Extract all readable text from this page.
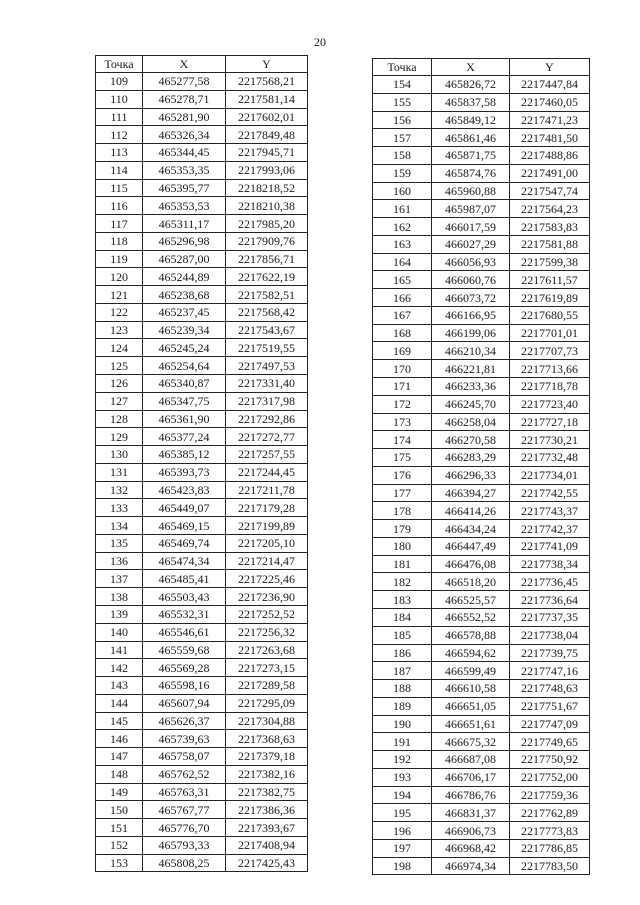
20
Точка	X	Y
109	465277,58	2217568,21
110	465278,71	2217581,14
111	465281,90	2217602,01
112	465326,34	2217849,48
113	465344,45	2217945,71
114	465353,35	2217993,06
115	465395,77	2218218,52
116	465353,53	2218210,38
117	465311,17	2217985,20
118	465296,98	2217909,76
119	465287,00	2217856,71
120	465244,89	2217622,19
121	465238,68	2217582,51
122	465237,45	2217568,42
123	465239,34	2217543,67
124	465245,24	2217519,55
125	465254,64	2217497,53
126	465340,87	2217331,40
127	465347,75	2217317,98
128	465361,90	2217292,86
129	465377,24	2217272,77
130	465385,12	2217257,55
131	465393,73	2217244,45
132	465423,83	2217211,78
133	465449,07	2217179,28
134	465469,15	2217199,89
135	465469,74	2217205,10
136	465474,34	2217214,47
137	465485,41	2217225,46
138	465503,43	2217236,90
139	465532,31	2217252,52
140	465546,61	2217256,32
141	465559,68	2217263,68
142	465569,28	2217273,15
143	465598,16	2217289,58
144	465607,94	2217295,09
145	465626,37	2217304,88
146	465739,63	2217368,63
147	465758,07	2217379,18
148	465762,52	2217382,16
149	465763,31	2217382,75
150	465767,77	2217386,36
151	465776,70	2217393,67
152	465793,33	2217408,94
153	465808,25	2217425,43
Точка	X	Y
154	465826,72	2217447,84
155	465837,58	2217460,05
156	465849,12	2217471,23
157	465861,46	2217481,50
158	465871,75	2217488,86
159	465874,76	2217491,00
160	465960,88	2217547,74
161	465987,07	2217564,23
162	466017,59	2217583,83
163	466027,29	2217581,88
164	466056,93	2217599,38
165	466060,76	2217611,57
166	466073,72	2217619,89
167	466166,95	2217680,55
168	466199,06	2217701,01
169	466210,34	2217707,73
170	466221,81	2217713,66
171	466233,36	2217718,78
172	466245,70	2217723,40
173	466258,04	2217727,18
174	466270,58	2217730,21
175	466283,29	2217732,48
176	466296,33	2217734,01
177	466394,27	2217742,55
178	466414,26	2217743,37
179	466434,24	2217742,37
180	466447,49	2217741,09
181	466476,08	2217738,34
182	466518,20	2217736,45
183	466525,57	2217736,64
184	466552,52	2217737,35
185	466578,88	2217738,04
186	466594,62	2217739,75
187	466599,49	2217747,16
188	466610,58	2217748,63
189	466651,05	2217751,67
190	466651,61	2217747,09
191	466675,32	2217749,65
192	466687,08	2217750,92
193	466706,17	2217752,00
194	466786,76	2217759,36
195	466831,37	2217762,89
196	466906,73	2217773,83
197	466968,42	2217786,85
198	466974,34	2217783,50
